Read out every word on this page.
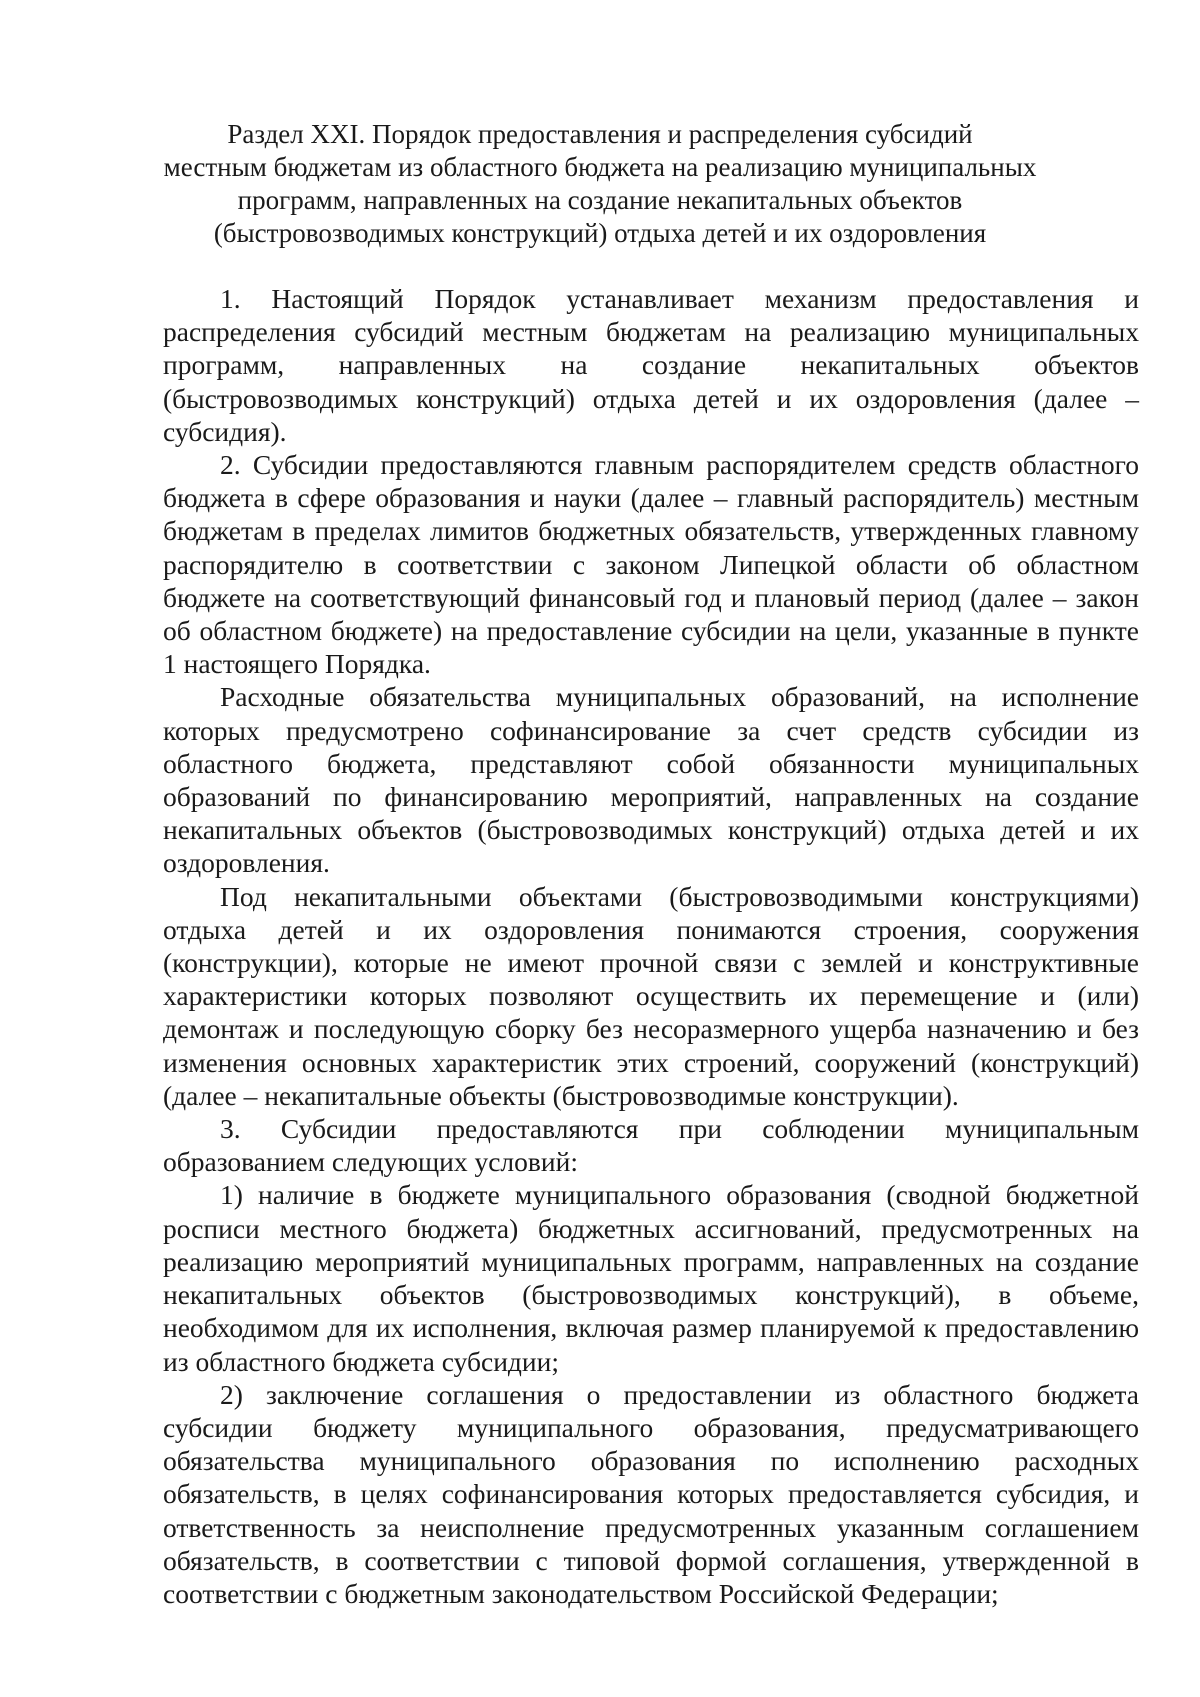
Раздел XXI. Порядок предоставления и распределения субсидий
местным бюджетам из областного бюджета на реализацию муниципальных
программ, направленных на создание некапитальных объектов
(быстровозводимых конструкций) отдыха детей и их оздоровления

1. Настоящий Порядок устанавливает механизм предоставления и распределения субсидий местным бюджетам на реализацию муниципальных программ, направленных на создание некапитальных объектов (быстровозводимых конструкций) отдыха детей и их оздоровления (далее – субсидия).

2. Субсидии предоставляются главным распорядителем средств областного бюджета в сфере образования и науки (далее – главный распорядитель) местным бюджетам в пределах лимитов бюджетных обязательств, утвержденных главному распорядителю в соответствии с законом Липецкой области об областном бюджете на соответствующий финансовый год и плановый период (далее – закон об областном бюджете) на предоставление субсидии на цели, указанные в пункте 1 настоящего Порядка.

Расходные обязательства муниципальных образований, на исполнение которых предусмотрено софинансирование за счет средств субсидии из областного бюджета, представляют собой обязанности муниципальных образований по финансированию мероприятий, направленных на создание некапитальных объектов (быстровозводимых конструкций) отдыха детей и их оздоровления.

Под некапитальными объектами (быстровозводимыми конструкциями) отдыха детей и их оздоровления понимаются строения, сооружения (конструкции), которые не имеют прочной связи с землей и конструктивные характеристики которых позволяют осуществить их перемещение и (или) демонтаж и последующую сборку без несоразмерного ущерба назначению и без изменения основных характеристик этих строений, сооружений (конструкций) (далее – некапитальные объекты (быстровозводимые конструкции).

3. Субсидии предоставляются при соблюдении муниципальным образованием следующих условий:

1) наличие в бюджете муниципального образования (сводной бюджетной росписи местного бюджета) бюджетных ассигнований, предусмотренных на реализацию мероприятий муниципальных программ, направленных на создание некапитальных объектов (быстровозводимых конструкций), в объеме, необходимом для их исполнения, включая размер планируемой к предоставлению из областного бюджета субсидии;

2) заключение соглашения о предоставлении из областного бюджета субсидии бюджету муниципального образования, предусматривающего обязательства муниципального образования по исполнению расходных обязательств, в целях софинансирования которых предоставляется субсидия, и ответственность за неисполнение предусмотренных указанным соглашением обязательств, в соответствии с типовой формой соглашения, утвержденной в соответствии с бюджетным законодательством Российской Федерации;
